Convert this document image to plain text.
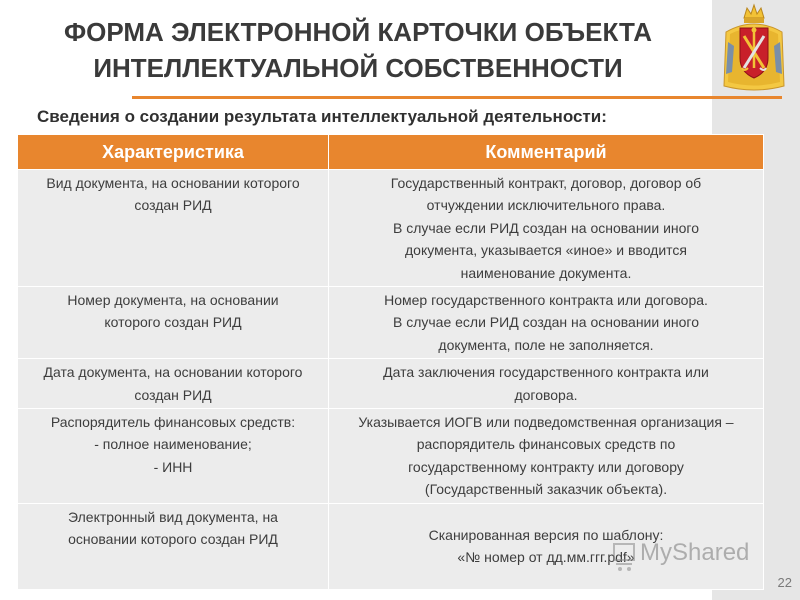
ФОРМА ЭЛЕКТРОННОЙ КАРТОЧКИ ОБЪЕКТА
ИНТЕЛЛЕКТУАЛЬНОЙ СОБСТВЕННОСТИ
Сведения о создании результата интеллектуальной деятельности:
Характеристика	Комментарий

Вид документа, на основании которого
создан РИД	Государственный контракт, договор, договор об
отчуждении исключительного права.
В случае если РИД создан на основании иного
документа, указывается «иное» и вводится
наименование документа.

Номер документа, на основании
которого создан РИД	Номер государственного контракта или договора.
В случае если РИД создан на основании иного
документа, поле не заполняется.

Дата документа, на основании которого
создан РИД	Дата заключения государственного контракта или
договора.

Распорядитель финансовых средств:
- полное наименование;
- ИНН	Указывается ИОГВ или подведомственная организация –
распорядитель финансовых средств по
государственному контракту или договору
(Государственный заказчик объекта).

Электронный вид документа, на
основании которого создан РИД	Сканированная версия по шаблону:
«№ номер от дд.мм.ггг.pdf» MyShared
22
